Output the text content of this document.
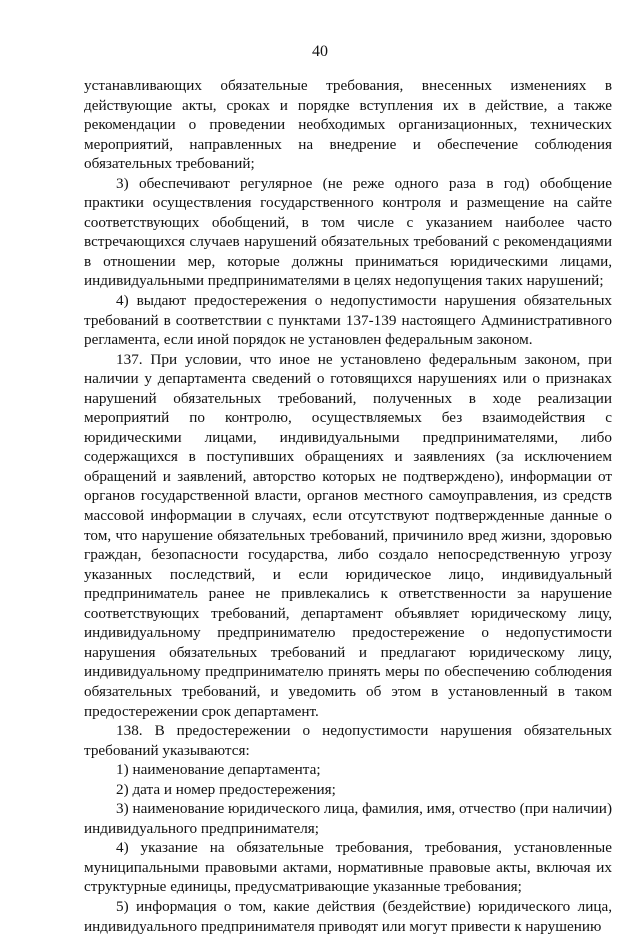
40

устанавливающих обязательные требования, внесенных изменениях в действующие акты, сроках и порядке вступления их в действие, а также рекомендации о проведении необходимых организационных, технических мероприятий, направленных на внедрение и обеспечение соблюдения обязательных требований;

3) обеспечивают регулярное (не реже одного раза в год) обобщение практики осуществления государственного контроля и размещение на сайте соответствующих обобщений, в том числе с указанием наиболее часто встречающихся случаев нарушений обязательных требований с рекомендациями в отношении мер, которые должны приниматься юридическими лицами, индивидуальными предпринимателями в целях недопущения таких нарушений;

4) выдают предостережения о недопустимости нарушения обязательных требований в соответствии с пунктами 137-139 настоящего Административного регламента, если иной порядок не установлен федеральным законом.

137. При условии, что иное не установлено федеральным законом, при наличии у департамента сведений о готовящихся нарушениях или о признаках нарушений обязательных требований, полученных в ходе реализации мероприятий по контролю, осуществляемых без взаимодействия с юридическими лицами, индивидуальными предпринимателями, либо содержащихся в поступивших обращениях и заявлениях (за исключением обращений и заявлений, авторство которых не подтверждено), информации от органов государственной власти, органов местного самоуправления, из средств массовой информации в случаях, если отсутствуют подтвержденные данные о том, что нарушение обязательных требований, причинило вред жизни, здоровью граждан, безопасности государства, либо создало непосредственную угрозу указанных последствий, и если юридическое лицо, индивидуальный предприниматель ранее не привлекались к ответственности за нарушение соответствующих требований, департамент объявляет юридическому лицу, индивидуальному предпринимателю предостережение о недопустимости нарушения обязательных требований и предлагают юридическому лицу, индивидуальному предпринимателю принять меры по обеспечению соблюдения обязательных требований, и уведомить об этом в установленный в таком предостережении срок департамент.

138. В предостережении о недопустимости нарушения обязательных требований указываются:

1) наименование департамента;

2) дата и номер предостережения;

3) наименование юридического лица, фамилия, имя, отчество (при наличии) индивидуального предпринимателя;

4) указание на обязательные требования, требования, установленные муниципальными правовыми актами, нормативные правовые акты, включая их структурные единицы, предусматривающие указанные требования;

5) информация о том, какие действия (бездействие) юридического лица, индивидуального предпринимателя приводят или могут привести к нарушению
